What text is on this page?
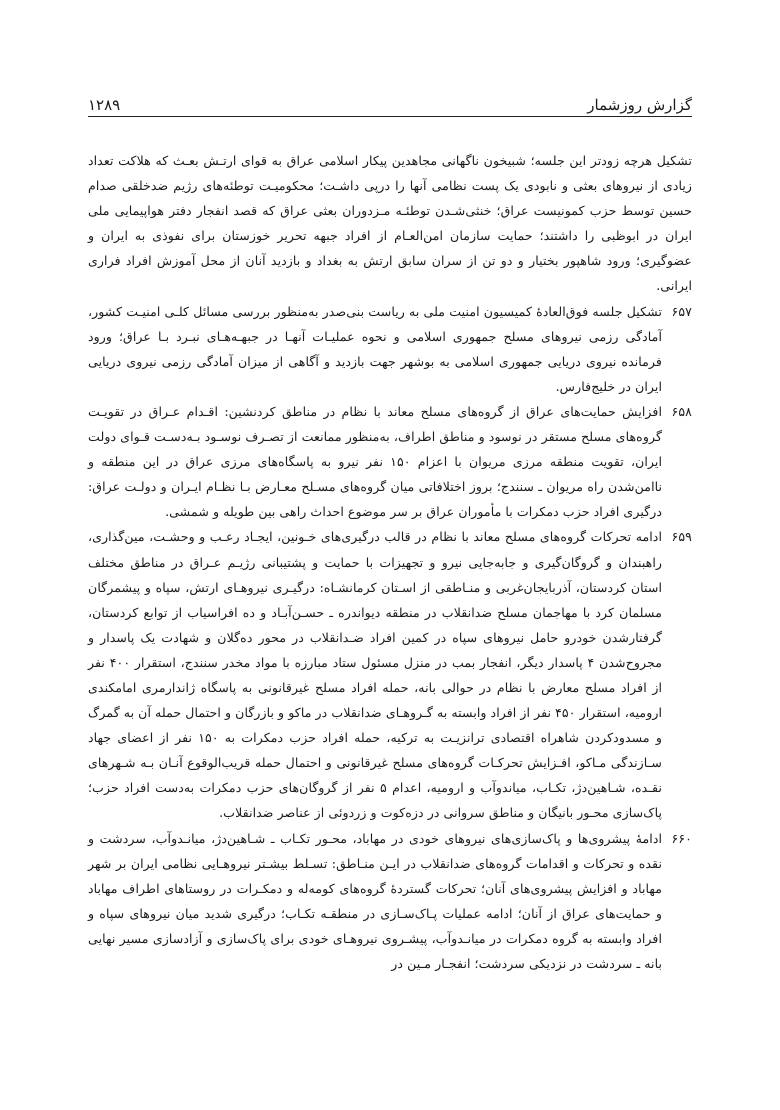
گزارش روزشمار
۱۲۸۹

تشکیل هرچه زودتر این جلسه؛ شبیخون ناگهانی مجاهدین پیکار اسلامی عراق به قوای ارتـش بعـث که هلاکت تعداد زیادی از نیروهای بعثی و نابودی یک پست نظامی آنها را درپی داشـت؛ محکومیـت توطئه‌های رژیم ضدخلقی صدام حسین توسط حزب کمونیست عراق؛ خنثی‌شـدن توطئـه مـزدوران بعثی عراق که قصد انفجار دفتر هواپیمایی ملی ایران در ابوظبی را داشتند؛ حمایت سازمان امن‌العـام از افراد جبهه تحریر خوزستان برای نفوذی به ایران و عضوگیری؛ ورود شاهپور بختیار و دو تن از سران سابق ارتش به بغداد و بازدید آنان از محل آموزش افراد فراری ایرانی.

۶۵۷

تشکیل جلسه فوق‌العادهٔ کمیسیون امنیت ملی به ریاست بنی‌صدر به‌منظور بررسی مسائل کلـی امنیـت کشور، آمادگی رزمی نیروهای مسلح جمهوری اسلامی و نحوه عملیـات آنهـا در جبهـه‌هـای نبـرد بـا عراق؛ ورود فرمانده نیروی دریایی جمهوری اسلامی به بوشهر جهت بازدید و آگاهی از میزان آمادگی رزمی نیروی دریایی ایران در خلیج‌فارس.

۶۵۸

افزایش حمایت‌های عراق از گروه‌های مسلح معاند با نظام در مناطق کردنشین: اقـدام عـراق در تقویـت گروه‌های مسلح مستقر در نوسود و مناطق اطراف، به‌منظور ممانعت از تصـرف نوسـود بـه‌دسـت قـوای دولت ایران، تقویت منطقه مرزی مریوان با اعزام ۱۵۰ نفر نیرو به پاسگاه‌های مرزی عراق در این منطقه و ناامن‌شدن راه مریوان ـ سنندج؛ بروز اختلافاتی میان گروه‌های مسـلح معـارض بـا نظـام ایـران و دولـت عراق: درگیری افراد حزب دمکرات با مأموران عراق بر سر موضوع احداث راهی بین طویله و شمشی.

۶۵۹

ادامه تحرکات گروه‌های مسلح معاند با نظام در قالب درگیری‌های خـونین، ایجـاد رعـب و وحشـت، مین‌گذاری، راهبندان و گروگان‌گیری و جابه‌جایی نیرو و تجهیزات با حمایت و پشتیبانی رژیـم عـراق در مناطق مختلف استان کردستان، آذربایجان‌غربی و منـاطقی از اسـتان کرمانشـاه: درگیـری نیروهـای ارتش، سپاه و پیشمرگان مسلمان کرد با مهاجمان مسلح ضدانقلاب در منطقه دیواندره ـ حسـن‌آبـاد و ده افراسیاب از توابع کردستان، گرفتارشدن خودرو حامل نیروهای سپاه در کمین افراد ضـدانقلاب در محور ده‌گلان و شهادت یک پاسدار و مجروح‌شدن ۴ پاسدار دیگر، انفجار بمب در منزل مسئول ستاد مبارزه با مواد مخدر سنندج، استقرار ۴۰۰ نفر از افراد مسلح معارض با نظام در حوالی بانه، حمله افراد مسلح غیرقانونی به پاسگاه ژاندارمری امامکندی ارومیه، استقرار ۴۵۰ نفر از افراد وابسته به گـروهـای ضدانقلاب در ماکو و بازرگان و احتمال حمله آن به گمرگ و مسدودکردن شاهراه اقتصادی ترانزیـت به ترکیه، حمله افراد حزب دمکرات به ۱۵۰ نفر از اعضای جهاد سـازندگی مـاکو، افـزایش تحرکـات گروه‌های مسلح غیرقانونی و احتمال حمله قریب‌الوقوع آنـان بـه شـهرهای نقـده، شـاهین‌دژ، تکـاب، میاندوآب و ارومیه، اعدام ۵ نفر از گروگان‌های حزب دمکرات به‌دست افراد حزب؛ پاک‌سازی محـور بانیگان و مناطق سروانی در دزه‌کوت و زردوئی از عناصر ضدانقلاب.

۶۶۰

ادامهٔ پیشروی‌ها و پاک‌سازی‌های نیروهای خودی در مهاباد، محـور تکـاب ـ شـاهین‌دژ، میانـدوآب، سردشت و نقده و تحرکات و اقدامات گروه‌های ضدانقلاب در ایـن منـاطق: تسـلط بیشـتر نیروهـایی نظامی ایران بر شهر مهاباد و افزایش پیشروی‌های آنان؛ تحرکات گستردهٔ گروه‌های کومه‌له و دمکـرات در روستاهای اطراف مهاباد و حمایت‌های عراق از آنان؛ ادامه عملیات پـاک‌سـازی در منطقـه تکـاب؛ درگیری شدید میان نیروهای سپاه و افراد وابسته به گروه دمکرات در میانـدوآب، پیشـروی نیروهـای خودی برای پاک‌سازی و آزادسازی مسیر نهایی بانه ـ سردشت در نزدیکی سردشت؛ انفجـار مـین در
